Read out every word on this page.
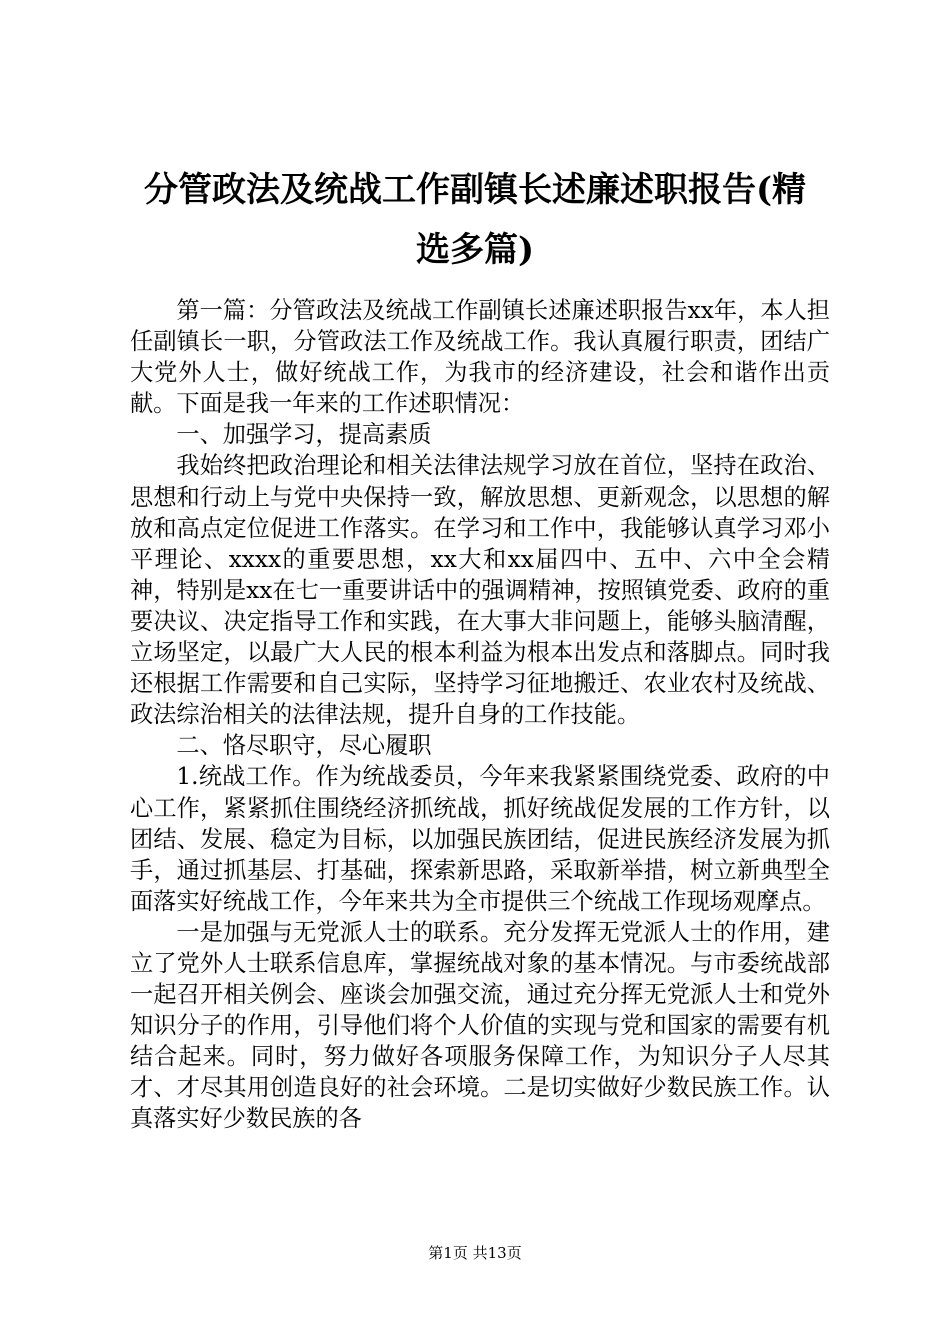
分管政法及统战工作副镇长述廉述职报告(精
选多篇)

第一篇：分管政法及统战工作副镇长述廉述职报告xx年，本人担任副镇长一职，分管政法工作及统战工作。我认真履行职责，团结广大党外人士，做好统战工作，为我市的经济建设，社会和谐作出贡献。下面是我一年来的工作述职情况：

一、加强学习，提高素质

我始终把政治理论和相关法律法规学习放在首位，坚持在政治、思想和行动上与党中央保持一致，解放思想、更新观念，以思想的解放和高点定位促进工作落实。在学习和工作中，我能够认真学习邓小平理论、xxxx的重要思想，xx大和xx届四中、五中、六中全会精神，特别是xx在七一重要讲话中的强调精神，按照镇党委、政府的重要决议、决定指导工作和实践，在大事大非问题上，能够头脑清醒，立场坚定，以最广大人民的根本利益为根本出发点和落脚点。同时我还根据工作需要和自己实际，坚持学习征地搬迁、农业农村及统战、政法综治相关的法律法规，提升自身的工作技能。

二、恪尽职守，尽心履职

1.统战工作。作为统战委员，今年来我紧紧围绕党委、政府的中心工作，紧紧抓住围绕经济抓统战，抓好统战促发展的工作方针，以团结、发展、稳定为目标，以加强民族团结，促进民族经济发展为抓手，通过抓基层、打基础，探索新思路，采取新举措，树立新典型全面落实好统战工作，今年来共为全市提供三个统战工作现场观摩点。

一是加强与无党派人士的联系。充分发挥无党派人士的作用，建立了党外人士联系信息库，掌握统战对象的基本情况。与市委统战部一起召开相关例会、座谈会加强交流，通过充分挥无党派人士和党外知识分子的作用，引导他们将个人价值的实现与党和国家的需要有机结合起来。同时，努力做好各项服务保障工作，为知识分子人尽其才、才尽其用创造良好的社会环境。二是切实做好少数民族工作。认真落实好少数民族的各

第1页 共13页
